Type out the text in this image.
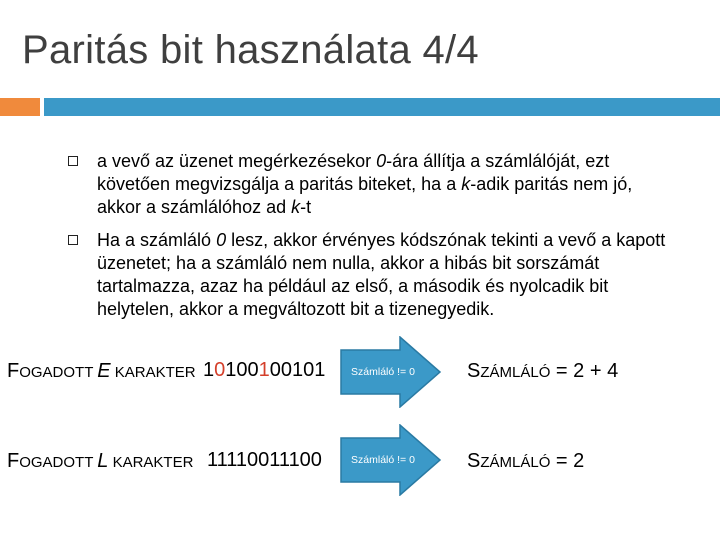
Paritás bit használata 4/4
a vevő az üzenet megérkezésekor 0-ára állítja a számlálóját, ezt követően megvizsgálja a paritás biteket, ha a k-adik paritás nem jó, akkor a számlálóhoz ad k-t
Ha a számláló 0 lesz, akkor érvényes kódszónak tekinti a vevő a kapott üzenetet; ha a számláló nem nulla, akkor a hibás bit sorszámát tartalmazza, azaz ha például az első, a második és nyolcadik bit helytelen, akkor a megváltozott bit a tizenegyedik.
FOGADOTT E KARAKTER 10100100101	Számláló != 0	SZÁMLÁLÓ = 2 + 4
FOGADOTT L KARAKTER 11110011100	Számláló != 0	SZÁMLÁLÓ = 2
